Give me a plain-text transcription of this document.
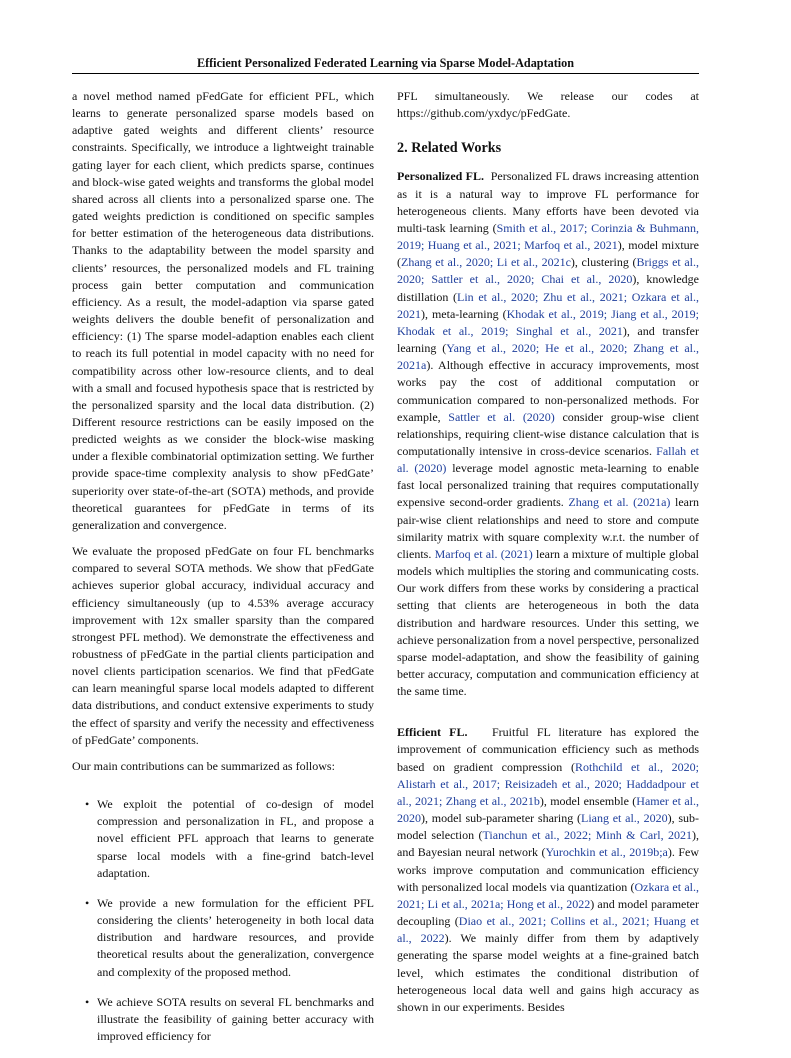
Efficient Personalized Federated Learning via Sparse Model-Adaptation

a novel method named pFedGate for efficient PFL, which learns to generate personalized sparse models based on adaptive gated weights and different clients’ resource constraints. Specifically, we introduce a lightweight trainable gating layer for each client, which predicts sparse, continues and block-wise gated weights and transforms the global model shared across all clients into a personalized sparse one. The gated weights prediction is conditioned on specific samples for better estimation of the heterogeneous data distributions. Thanks to the adaptability between the model sparsity and clients’ resources, the personalized models and FL training process gain better computation and communication efficiency. As a result, the model-adaption via sparse gated weights delivers the double benefit of personalization and efficiency: (1) The sparse model-adaption enables each client to reach its full potential in model capacity with no need for compatibility across other low-resource clients, and to deal with a small and focused hypothesis space that is restricted by the personalized sparsity and the local data distribution. (2) Different resource restrictions can be easily imposed on the predicted weights as we consider the block-wise masking under a flexible combinatorial optimization setting. We further provide space-time complexity analysis to show pFedGate’ superiority over state-of-the-art (SOTA) methods, and provide theoretical guarantees for pFedGate in terms of its generalization and convergence.

We evaluate the proposed pFedGate on four FL benchmarks compared to several SOTA methods. We show that pFedGate achieves superior global accuracy, individual accuracy and efficiency simultaneously (up to 4.53% average accuracy improvement with 12x smaller sparsity than the compared strongest PFL method). We demonstrate the effectiveness and robustness of pFedGate in the partial clients participation and novel clients participation scenarios. We find that pFedGate can learn meaningful sparse local models adapted to different data distributions, and conduct extensive experiments to study the effect of sparsity and verify the necessity and effectiveness of pFedGate’ components.

Our main contributions can be summarized as follows:

• We exploit the potential of co-design of model compression and personalization in FL, and propose a novel efficient PFL approach that learns to generate sparse local models with a fine-grind batch-level adaptation.
• We provide a new formulation for the efficient PFL considering the clients’ heterogeneity in both local data distribution and hardware resources, and provide theoretical results about the generalization, convergence and complexity of the proposed method.
• We achieve SOTA results on several FL benchmarks and illustrate the feasibility of gaining better accuracy with improved efficiency for

PFL simultaneously. We release our codes at https://github.com/yxdyc/pFedGate.

2. Related Works

Personalized FL. Personalized FL draws increasing attention as it is a natural way to improve FL performance for heterogeneous clients. Many efforts have been devoted via multi-task learning (Smith et al., 2017; Corinzia & Buhmann, 2019; Huang et al., 2021; Marfoq et al., 2021), model mixture (Zhang et al., 2020; Li et al., 2021c), clustering (Briggs et al., 2020; Sattler et al., 2020; Chai et al., 2020), knowledge distillation (Lin et al., 2020; Zhu et al., 2021; Ozkara et al., 2021), meta-learning (Khodak et al., 2019; Jiang et al., 2019; Khodak et al., 2019; Singhal et al., 2021), and transfer learning (Yang et al., 2020; He et al., 2020; Zhang et al., 2021a). Although effective in accuracy improvements, most works pay the cost of additional computation or communication compared to non-personalized methods. For example, Sattler et al. (2020) consider group-wise client relationships, requiring client-wise distance calculation that is computationally intensive in cross-device scenarios. Fallah et al. (2020) leverage model agnostic meta-learning to enable fast local personalized training that requires computationally expensive second-order gradients. Zhang et al. (2021a) learn pair-wise client relationships and need to store and compute similarity matrix with square complexity w.r.t. the number of clients. Marfoq et al. (2021) learn a mixture of multiple global models which multiplies the storing and communicating costs. Our work differs from these works by considering a practical setting that clients are heterogeneous in both the data distribution and hardware resources. Under this setting, we achieve personalization from a novel perspective, personalized sparse model-adaptation, and show the feasibility of gaining better accuracy, computation and communication efficiency at the same time.

Efficient FL. Fruitful FL literature has explored the improvement of communication efficiency such as methods based on gradient compression (Rothchild et al., 2020; Alistarh et al., 2017; Reisizadeh et al., 2020; Haddadpour et al., 2021; Zhang et al., 2021b), model ensemble (Hamer et al., 2020), model sub-parameter sharing (Liang et al., 2020), sub-model selection (Tianchun et al., 2022; Minh & Carl, 2021), and Bayesian neural network (Yurochkin et al., 2019b;a). Few works improve computation and communication efficiency with personalized local models via quantization (Ozkara et al., 2021; Li et al., 2021a; Hong et al., 2022) and model parameter decoupling (Diao et al., 2021; Collins et al., 2021; Huang et al., 2022). We mainly differ from them by adaptively generating the sparse model weights at a fine-grained batch level, which estimates the conditional distribution of heterogeneous local data well and gains high accuracy as shown in our experiments. Besides
